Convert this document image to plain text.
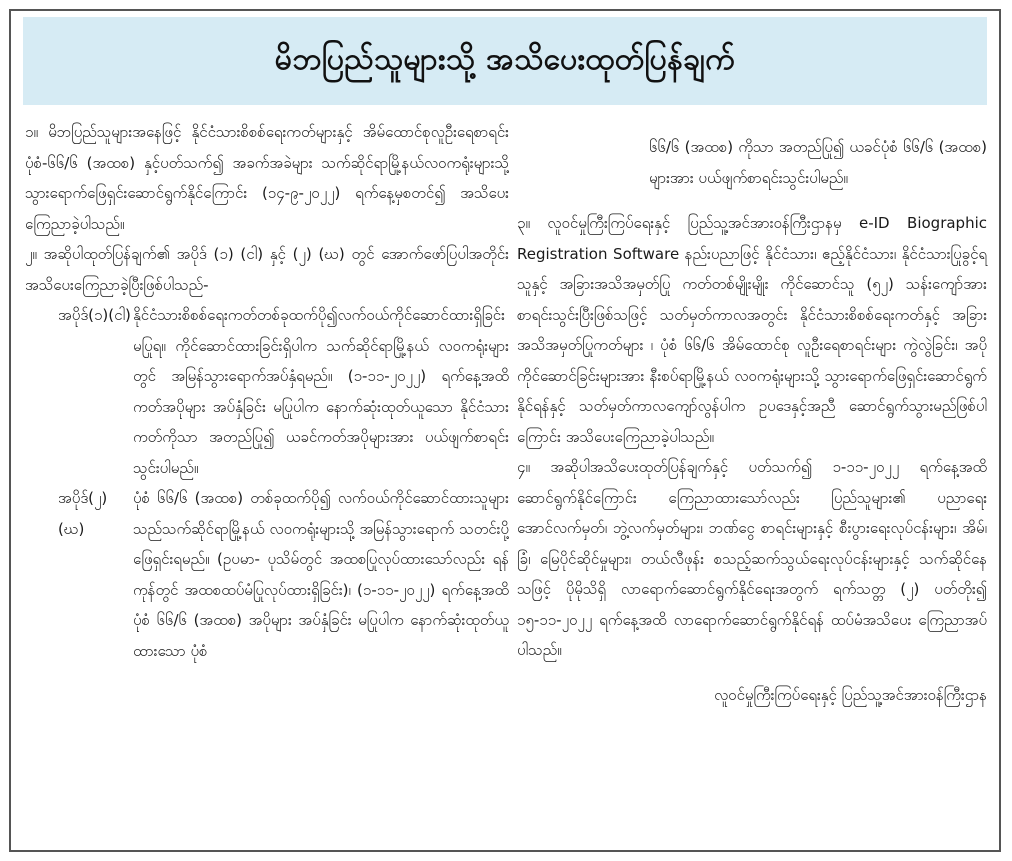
မိဘပြည်သူများသို့ အသိပေးထုတ်ပြန်ချက်

၁။ မိဘပြည်သူများအနေဖြင့် နိုင်ငံသားစိစစ်ရေးကတ်များနှင့် အိမ်ထောင်စုလူဦးရေစာရင်းပုံစံ-၆၆/၆ (အထစ) နှင့်ပတ်သက်၍ အခက်အခဲများ သက်ဆိုင်ရာမြို့နယ်လဝကရုံးများသို့ သွားရောက်ဖြေရှင်းဆောင်ရွက်နိုင်ကြောင်း (၁၄-၉-၂၀၂၂) ရက်နေ့မှစတင်၍ အသိပေးကြေညာခဲ့ပါသည်။

၂။ အဆိုပါထုတ်ပြန်ချက်၏ အပိုဒ် (၁) (ငါ) နှင့် (၂) (ဃ) တွင် အောက်ဖော်ပြပါအတိုင်း အသိပေးကြေညာခဲ့ပြီးဖြစ်ပါသည်-

အပိုဒ်(၁)(ငါ) နိုင်ငံသားစိစစ်ရေးကတ်တစ်ခုထက်ပို၍လက်ဝယ်ကိုင်ဆောင်ထားရှိခြင်း မပြုရ။ ကိုင်ဆောင်ထားခြင်းရှိပါက သက်ဆိုင်ရာမြို့နယ် လဝကရုံးများတွင် အမြန်သွားရောက်အပ်နှံရမည်။ (၁-၁၁-၂၀၂၂) ရက်နေ့အထိ ကတ်အပိုများ အပ်နှံခြင်း မပြုပါက နောက်ဆုံးထုတ်ယူသော နိုင်ငံသားကတ်ကိုသာ အတည်ပြု၍ ယခင်ကတ်အပိုများအား ပယ်ဖျက်စာရင်းသွင်းပါမည်။
အပိုဒ်(၂)(ဃ)
ပုံစံ ၆၆/၆ (အထစ) တစ်ခုထက်ပို၍ လက်ဝယ်ကိုင်ဆောင်ထားသူများသည်သက်ဆိုင်ရာမြို့နယ် လဝကရုံးများသို့ အမြန်သွားရောက် သတင်းပို့ဖြေရှင်းရမည်။ (ဥပမာ- ပုသိမ်တွင် အထစပြုလုပ်ထားသော်လည်း ရန်ကုန်တွင် အထစထပ်မံပြုလုပ်ထားရှိခြင်း)၊ (၁-၁၁-၂၀၂၂) ရက်နေ့အထိ ပုံစံ ၆၆/၆ (အထစ) အပိုများ အပ်နှံခြင်း မပြုပါက နောက်ဆုံးထုတ်ယူထားသော ပုံစံ

၆၆/၆ (အထစ) ကိုသာ အတည်ပြု၍ ယခင်ပုံစံ ၆၆/၆ (အထစ) များအား ပယ်ဖျက်စာရင်းသွင်းပါမည်။

၃။ လူဝင်မှုကြီးကြပ်ရေးနှင့် ပြည်သူ့အင်အားဝန်ကြီးဌာနမှ e-ID Biographic Registration Software နည်းပညာဖြင့် နိုင်ငံသား၊ ဧည့်နိုင်ငံသား၊ နိုင်ငံသားပြုခွင့်ရသူနှင့် အခြားအသိအမှတ်ပြု ကတ်တစ်မျိုးမျိုး ကိုင်ဆောင်သူ (၅၂) သန်းကျော်အား စာရင်းသွင်းပြီးဖြစ်သဖြင့် သတ်မှတ်ကာလအတွင်း နိုင်ငံသားစိစစ်ရေးကတ်နှင့် အခြားအသိအမှတ်ပြုကတ်များ ၊ ပုံစံ ၆၆/၆ အိမ်ထောင်စု လူဦးရေစာရင်းများ ကွဲလွဲခြင်း၊ အပိုကိုင်ဆောင်ခြင်းများအား နီးစပ်ရာမြို့နယ် လဝကရုံးများသို့ သွားရောက်ဖြေရှင်းဆောင်ရွက်နိုင်ရန်နှင့် သတ်မှတ်ကာလကျော်လွန်ပါက ဥပဒေနှင့်အညီ ဆောင်ရွက်သွားမည်ဖြစ်ပါကြောင်း အသိပေးကြေညာခဲ့ပါသည်။

၄။ အဆိုပါအသိပေးထုတ်ပြန်ချက်နှင့် ပတ်သက်၍ ၁-၁၁-၂၀၂၂ ရက်နေ့အထိ ဆောင်ရွက်နိုင်ကြောင်း ကြေညာထားသော်လည်း ပြည်သူများ၏ ပညာရေးအောင်လက်မှတ်၊ ဘွဲ့လက်မှတ်များ၊ ဘဏ်ငွေ စာရင်းများနှင့် စီးပွားရေးလုပ်ငန်းများ၊ အိမ်၊ ခြံ၊ မြေပိုင်ဆိုင်မှုများ၊ တယ်လီဖုန်း စသည့်ဆက်သွယ်ရေးလုပ်ငန်းများနှင့် သက်ဆိုင်နေသဖြင့် ပိုမိုသိရှိ လာရောက်ဆောင်ရွက်နိုင်ရေးအတွက် ရက်သတ္တ (၂) ပတ်တိုး၍ ၁၅-၁၁-၂၀၂၂ ရက်နေ့အထိ လာရောက်ဆောင်ရွက်နိုင်ရန် ထပ်မံအသိပေး ကြေညာအပ်ပါသည်။

လူဝင်မှုကြီးကြပ်ရေးနှင့် ပြည်သူ့အင်အားဝန်ကြီးဌာန
